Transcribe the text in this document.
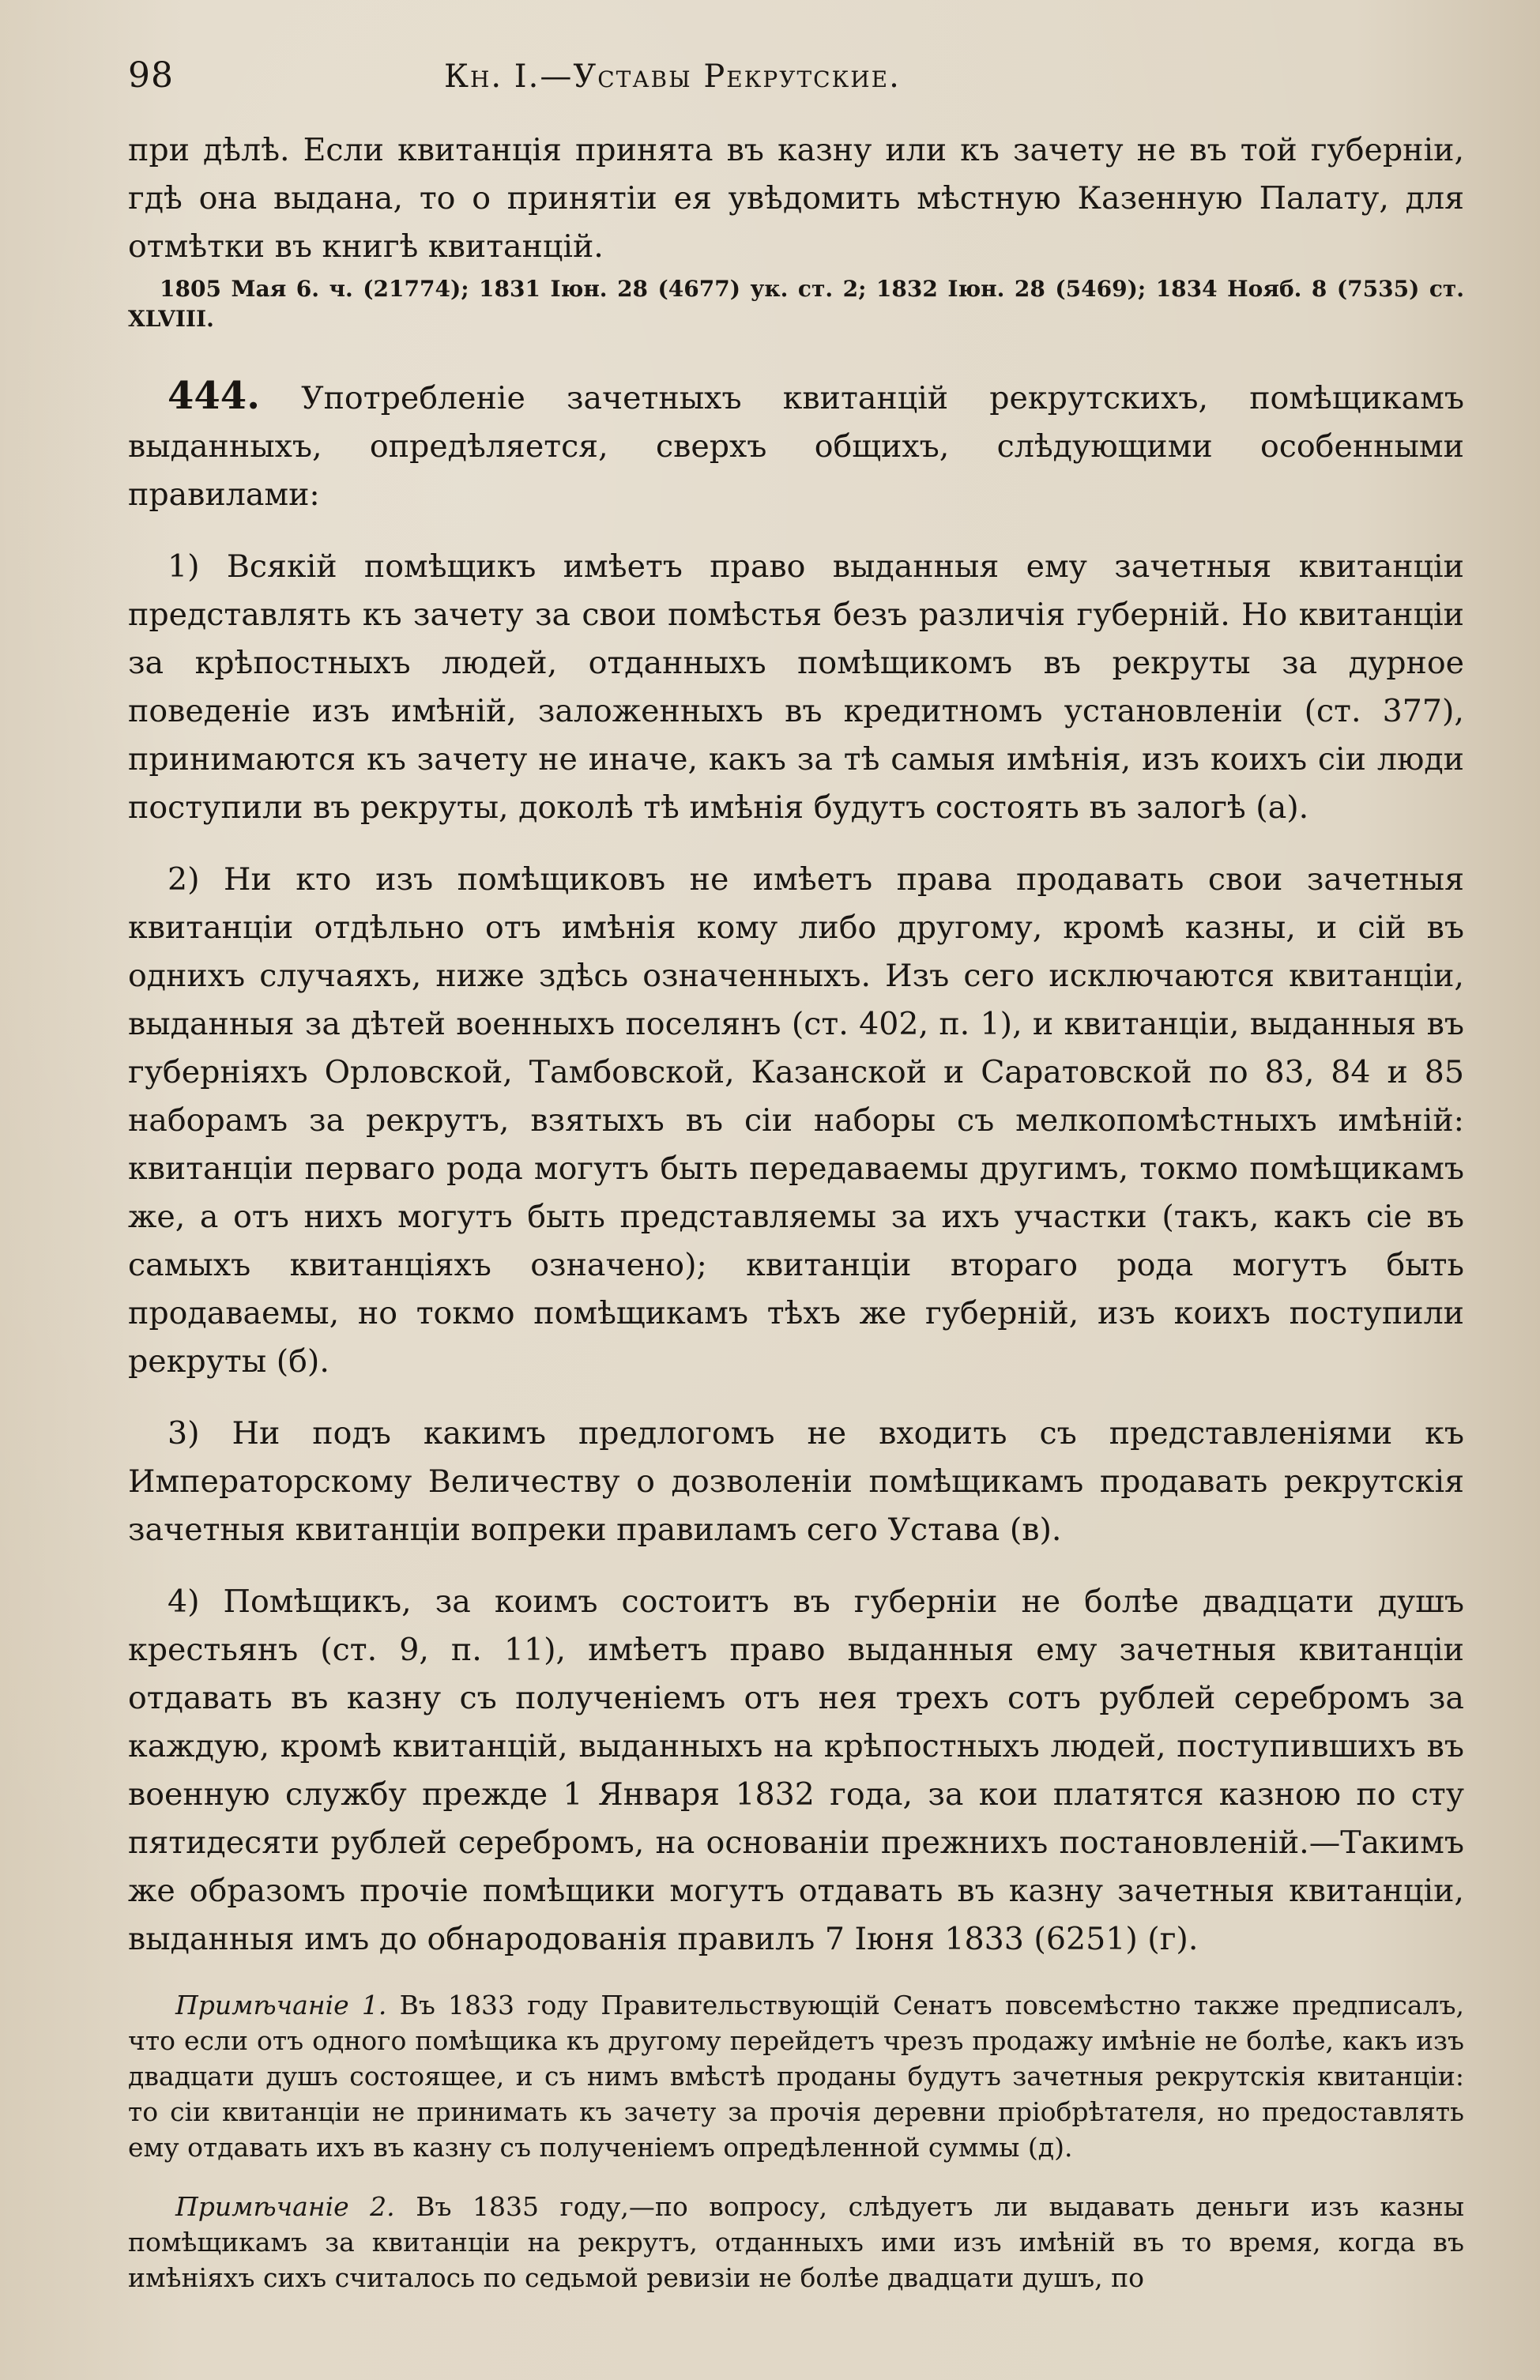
98	Кн. I.—Уставы Рекрутские.

при дѣлѣ. Если квитанція принята въ казну или къ зачету не въ той губерніи, гдѣ она выдана, то о принятіи ея увѣдомить мѣстную Казенную Палату, для отмѣтки въ книгѣ квитанцій.

1805 Мая 6. ч. (21774); 1831 Іюн. 28 (4677) ук. ст. 2; 1832 Іюн. 28 (5469); 1834 Нояб. 8 (7535) ст. XLVIII.

444. Употребленіе зачетныхъ квитанцій рекрутскихъ, помѣщикамъ выданныхъ, опредѣляется, сверхъ общихъ, слѣдующими особенными правилами:

1) Всякій помѣщикъ имѣетъ право выданныя ему зачетныя квитанціи представлять къ зачету за свои помѣстья безъ различія губерній. Но квитанціи за крѣпостныхъ людей, отданныхъ помѣщикомъ въ рекруты за дурное поведеніе изъ имѣній, заложенныхъ въ кредитномъ установленіи (ст. 377), принимаются къ зачету не иначе, какъ за тѣ самыя имѣнія, изъ коихъ сіи люди поступили въ рекруты, доколѣ тѣ имѣнія будутъ состоять въ залогѣ (а).

2) Ни кто изъ помѣщиковъ не имѣетъ права продавать свои зачетныя квитанціи отдѣльно отъ имѣнія кому либо другому, кромѣ казны, и сій въ однихъ случаяхъ, ниже здѣсь означенныхъ. Изъ сего исключаются квитанціи, выданныя за дѣтей военныхъ поселянъ (ст. 402, п. 1), и квитанціи, выданныя въ губерніяхъ Орловской, Тамбовской, Казанской и Саратовской по 83, 84 и 85 наборамъ за рекрутъ, взятыхъ въ сіи наборы съ мелкопомѣстныхъ имѣній: квитанціи перваго рода могутъ быть передаваемы другимъ, токмо помѣщикамъ же, а отъ нихъ могутъ быть представляемы за ихъ участки (такъ, какъ сіе въ самыхъ квитанціяхъ означено); квитанціи втораго рода могутъ быть продаваемы, но токмо помѣщикамъ тѣхъ же губерній, изъ коихъ поступили рекруты (б).

3) Ни подъ какимъ предлогомъ не входить съ представленіями къ Императорскому Величеству о дозволеніи помѣщикамъ продавать рекрутскія зачетныя квитанціи вопреки правиламъ сего Устава (в).

4) Помѣщикъ, за коимъ состоитъ въ губерніи не болѣе двадцати душъ крестьянъ (ст. 9, п. 11), имѣетъ право выданныя ему зачетныя квитанціи отдавать въ казну съ полученіемъ отъ нея трехъ сотъ рублей серебромъ за каждую, кромѣ квитанцій, выданныхъ на крѣпостныхъ людей, поступившихъ въ военную службу прежде 1 Января 1832 года, за кои платятся казною по сту пятидесяти рублей серебромъ, на основаніи прежнихъ постановленій.—Такимъ же образомъ прочіе помѣщики могутъ отдавать въ казну зачетныя квитанціи, выданныя имъ до обнародованія правилъ 7 Іюня 1833 (6251) (г).

Примѣчаніе 1. Въ 1833 году Правительствующій Сенатъ повсемѣстно также предписалъ, что если отъ одного помѣщика къ другому перейдетъ чрезъ продажу имѣніе не болѣе, какъ изъ двадцати душъ состоящее, и съ нимъ вмѣстѣ проданы будутъ зачетныя рекрутскія квитанціи: то сіи квитанціи не принимать къ зачету за прочія деревни пріобрѣтателя, но предоставлять ему отдавать ихъ въ казну съ полученіемъ опредѣленной суммы (д).

Примѣчаніе 2. Въ 1835 году,—по вопросу, слѣдуетъ ли выдавать деньги изъ казны помѣщикамъ за квитанціи на рекрутъ, отданныхъ ими изъ имѣній въ то время, когда въ имѣніяхъ сихъ считалось по седьмой ревизіи не болѣе двадцати душъ, по
